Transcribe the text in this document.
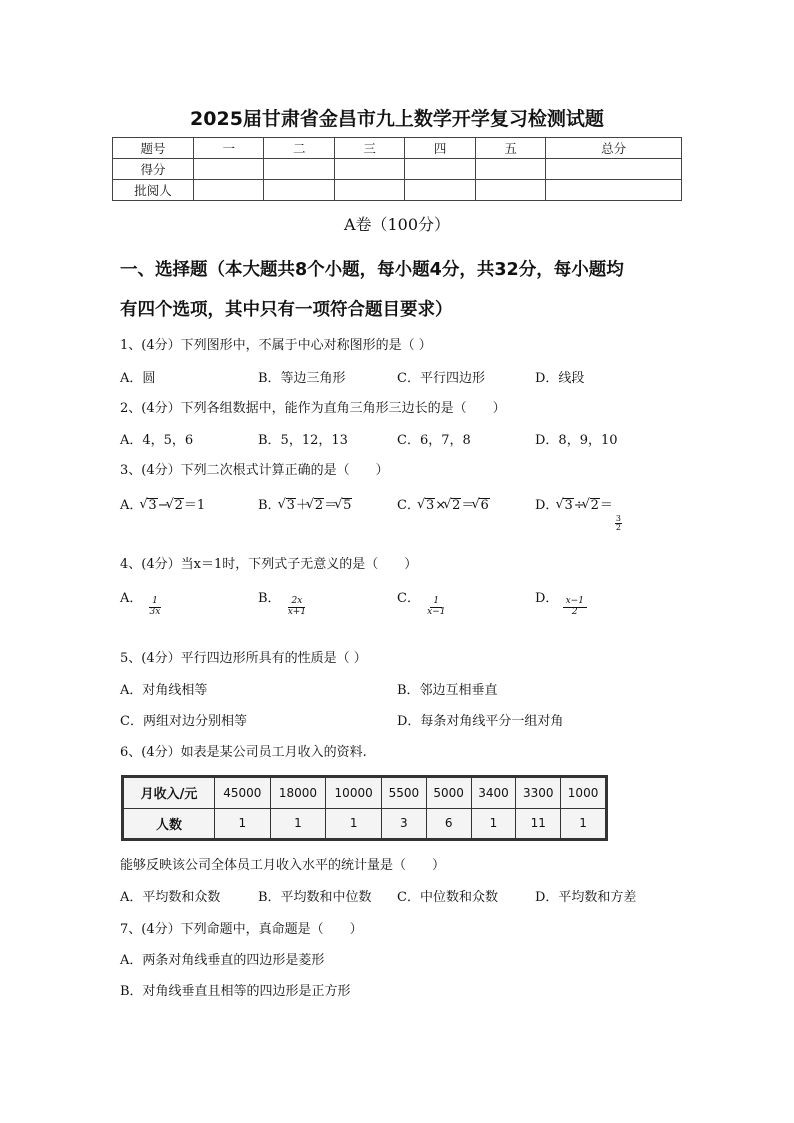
2025届甘肃省金昌市九上数学开学复习检测试题
题号	一	二	三	四	五	总分
得分						
批阅人						
A卷（100分）
一、选择题（本大题共8个小题，每小题4分，共32分，每小题均
有四个选项，其中只有一项符合题目要求）
1、(4分）下列图形中，不属于中心对称图形的是（ ）
A．圆	B．等边三角形	C．平行四边形	D．线段
2、(4分）下列各组数据中，能作为直角三角形三边长的是（　　）
A．4，5，6	B．5，12，13	C．6，7，8	D．8，9，10
3、(4分）下列二次根式计算正确的是（　　）
A． √ 3− √ 2＝1	B． √ 3＋ √ 2＝ √ 5	C． √ 3× √ 2＝ √ 6	D． √ 3÷ √ 2＝
$\frac{3}{2}$
4、(4分）当x＝1时，下列式子无意义的是（　　）
A． $\frac{1}{3x}$	B． $\frac{2x}{x+1}$	C． $\frac{1}{x-1}$	D． $\frac{x-1}{2}$
5、(4分）平行四边形所具有的性质是（ ）
A．对角线相等	B．邻边互相垂直
C．两组对边分别相等	D．每条对角线平分一组对角
6、(4分）如表是某公司员工月收入的资料.
月收入/元	45000	18000	10000	5500	5000	3400	3300	1000
人数	1	1	1	3	6	1	11	1
能够反映该公司全体员工月收入水平的统计量是（　　）
A．平均数和众数	B．平均数和中位数 C．中位数和众数	D．平均数和方差
7、(4分）下列命题中，真命题是（　　）
A．两条对角线垂直的四边形是菱形
B．对角线垂直且相等的四边形是正方形
